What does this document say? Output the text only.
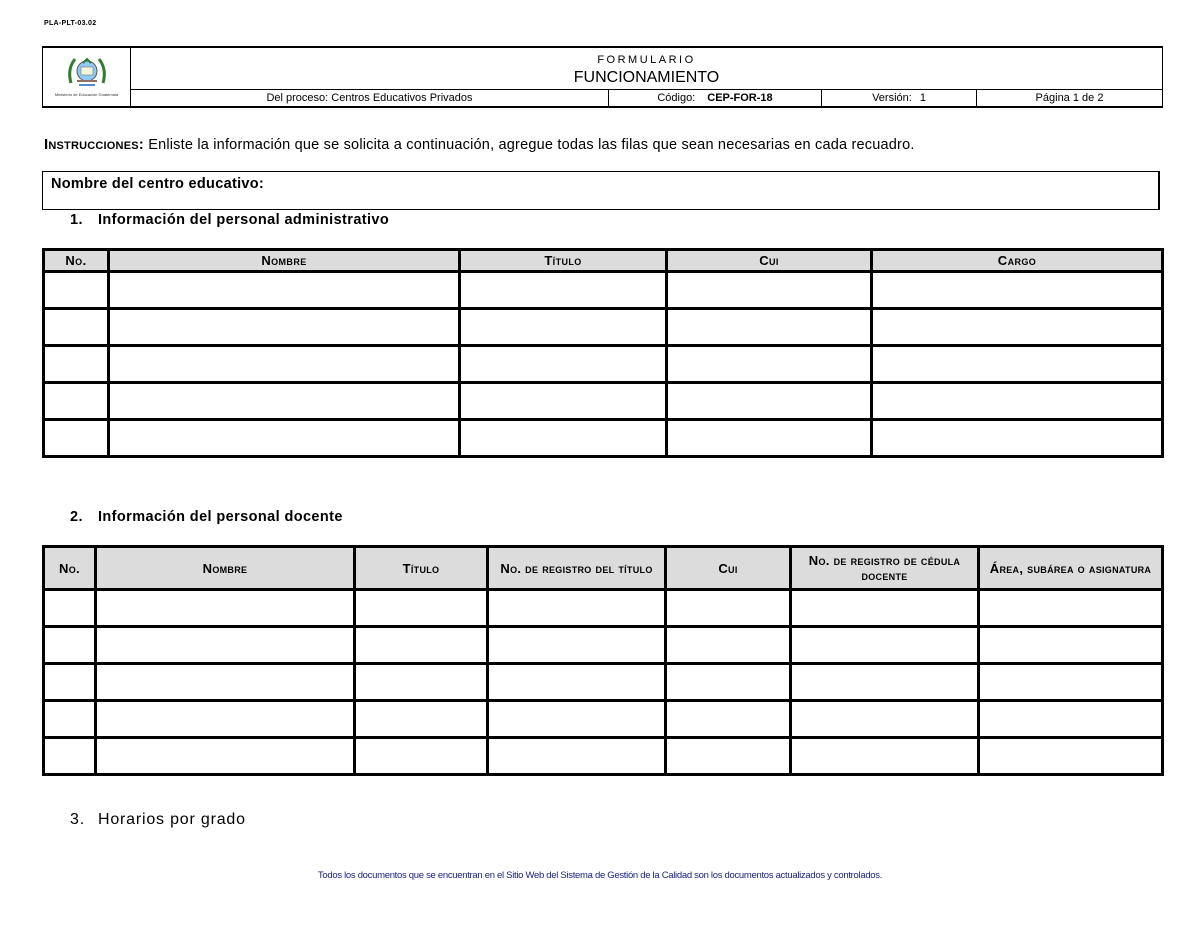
PLA-PLT-03.02
Ministerio de Educación Guatemala
FORMULARIO
FUNCIONAMIENTO
Del proceso: Centros Educativos Privados	Código: CEP-FOR-18	Versión: 1	Página 1 de 2
Instrucciones: Enliste la información que se solicita a continuación, agregue todas las filas que sean necesarias en cada recuadro.
Nombre del centro educativo:
1. Información del personal administrativo
No.	Nombre	Título	Cui	Cargo

2. Información del personal docente
No.	Nombre	Título	No. de registro del título	Cui	No. de registro de cédula docente	Área, subárea o asignatura

3. Horarios por grado
Todos los documentos que se encuentran en el Sitio Web del Sistema de Gestión de la Calidad son los documentos actualizados y controlados.
